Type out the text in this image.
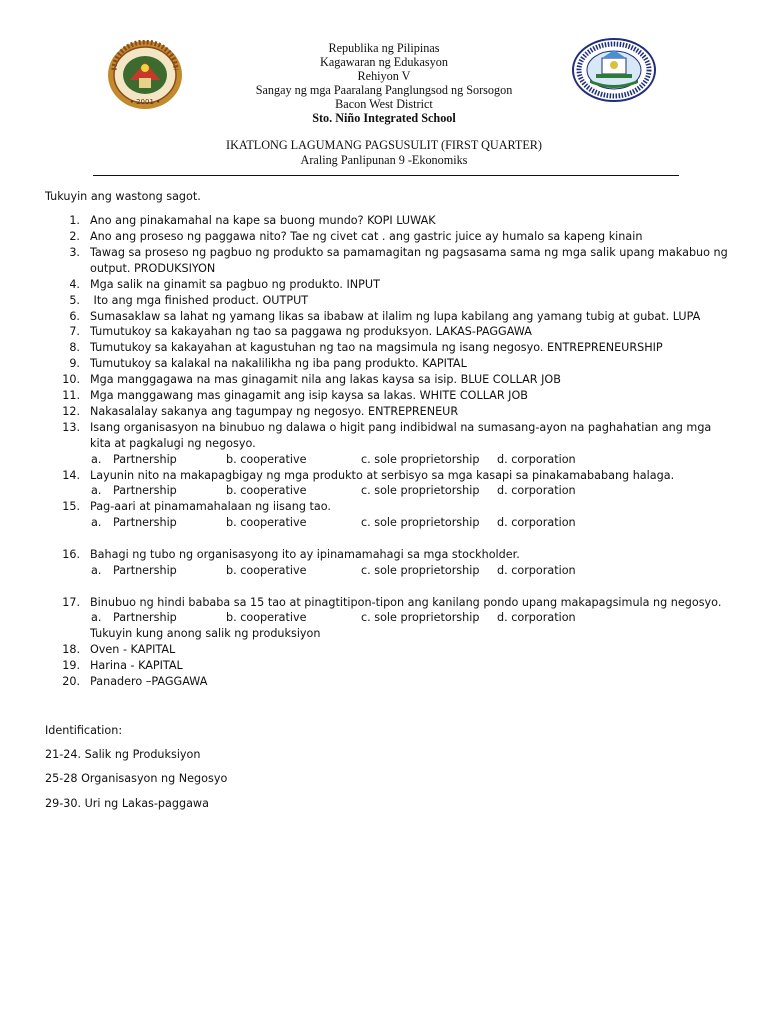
• 2001 •
Republika ng Pilipinas
Kagawaran ng Edukasyon
Rehiyon V
Sangay ng mga Paaralang Panglungsod ng Sorsogon
Bacon West District
Sto. Niño Integrated School
IKATLONG LAGUMANG PAGSUSULIT (FIRST QUARTER)
Araling Panlipunan 9 -Ekonomiks
Tukuyin ang wastong sagot.
1. Ano ang pinakamahal na kape sa buong mundo? KOPI LUWAK
2. Ano ang proseso ng paggawa nito? Tae ng civet cat . ang gastric juice ay humalo sa kapeng kinain
3. Tawag sa proseso ng pagbuo ng produkto sa pamamagitan ng pagsasama sama ng mga salik upang makabuo ng
output. PRODUKSIYON
4. Mga salik na ginamit sa pagbuo ng produkto. INPUT
5. Ito ang mga finished product. OUTPUT
6. Sumasaklaw sa lahat ng yamang likas sa ibabaw at ilalim ng lupa kabilang ang yamang tubig at gubat. LUPA
7. Tumutukoy sa kakayahan ng tao sa paggawa ng produksyon. LAKAS-PAGGAWA
8. Tumutukoy sa kakayahan at kagustuhan ng tao na magsimula ng isang negosyo. ENTREPRENEURSHIP
9. Tumutukoy sa kalakal na nakalilikha ng iba pang produkto. KAPITAL
10. Mga manggagawa na mas ginagamit nila ang lakas kaysa sa isip. BLUE COLLAR JOB
11. Mga manggawang mas ginagamit ang isip kaysa sa lakas. WHITE COLLAR JOB
12. Nakasalalay sakanya ang tagumpay ng negosyo. ENTREPRENEUR
13. Isang organisasyon na binubuo ng dalawa o higit pang indibidwal na sumasang-ayon na paghahatian ang mga
kita at pagkalugi ng negosyo.
a. Partnership	b. cooperative	c. sole proprietorship d. corporation
14. Layunin nito na makapagbigay ng mga produkto at serbisyo sa mga kasapi sa pinakamababang halaga.
a. Partnership	b. cooperative	c. sole proprietorship d. corporation
15. Pag-aari at pinamamahalaan ng iisang tao.
a. Partnership	b. cooperative	c. sole proprietorship d. corporation
16. Bahagi ng tubo ng organisasyong ito ay ipinamamahagi sa mga stockholder.
a. Partnership	b. cooperative	c. sole proprietorship d. corporation
17. Binubuo ng hindi bababa sa 15 tao at pinagtitipon-tipon ang kanilang pondo upang makapagsimula ng negosyo.
a. Partnership	b. cooperative	c. sole proprietorship d. corporation
Tukuyin kung anong salik ng produksiyon
18. Oven - KAPITAL
19. Harina - KAPITAL
20. Panadero –PAGGAWA
Identification:
21-24. Salik ng Produksiyon
25-28 Organisasyon ng Negosyo
29-30. Uri ng Lakas-paggawa
